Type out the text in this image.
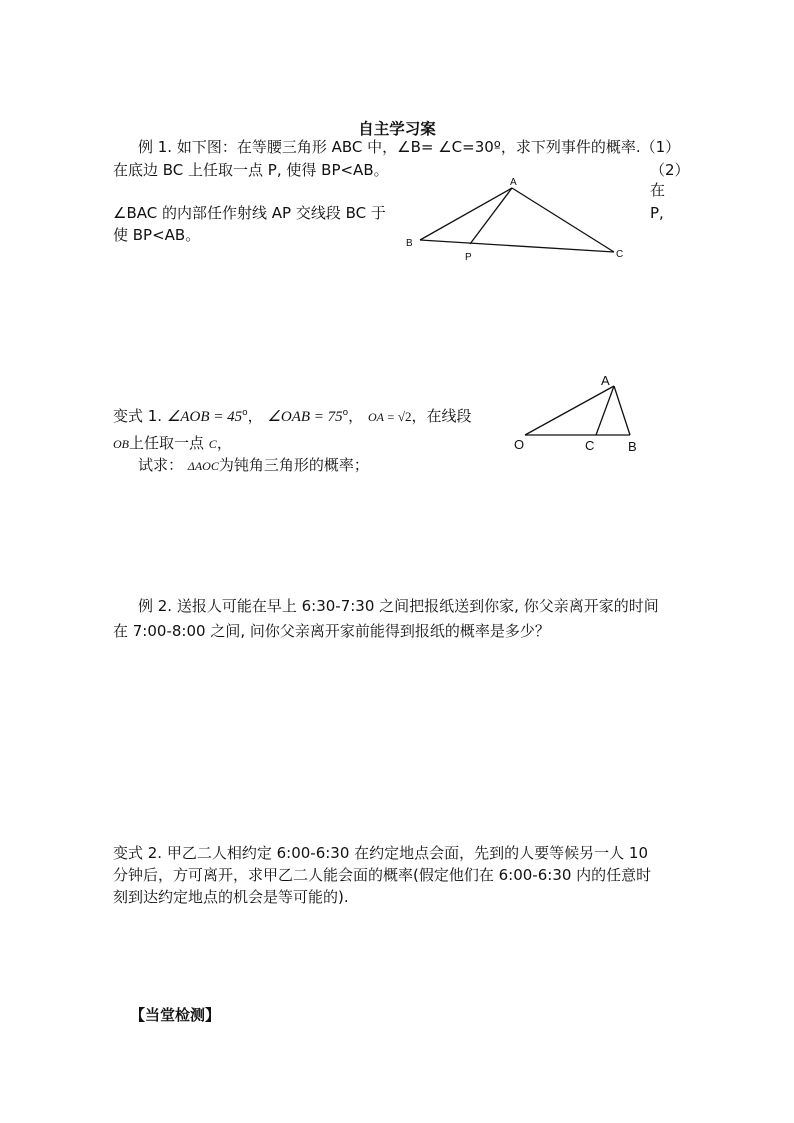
自主学习案
例 1. 如下图：在等腰三角形 ABC 中，∠B= ∠C=30º，求下列事件的概率.（1）
在底边 BC 上任取一点 P, 使得 BP<AB。	（2）
在
∠BAC 的内部任作射线 AP 交线段 BC 于	P,
使 BP<AB。
A
B
C
P
A
O	C	B
变式 1. ∠AOB = $45^o$， ∠OAB = $75^o$， OA = √2，在线段
OB上任取一点 C，
试求： ΔAOC为钝角三角形的概率；
例 2. 送报人可能在早上 6:30-7:30 之间把报纸送到你家, 你父亲离开家的时间
在 7:00-8:00 之间, 问你父亲离开家前能得到报纸的概率是多少？
变式 2. 甲乙二人相约定 6:00-6:30 在约定地点会面，先到的人要等候另一人 10
分钟后，方可离开，求甲乙二人能会面的概率(假定他们在 6:00-6:30 内的任意时
刻到达约定地点的机会是等可能的).
【当堂检测】
